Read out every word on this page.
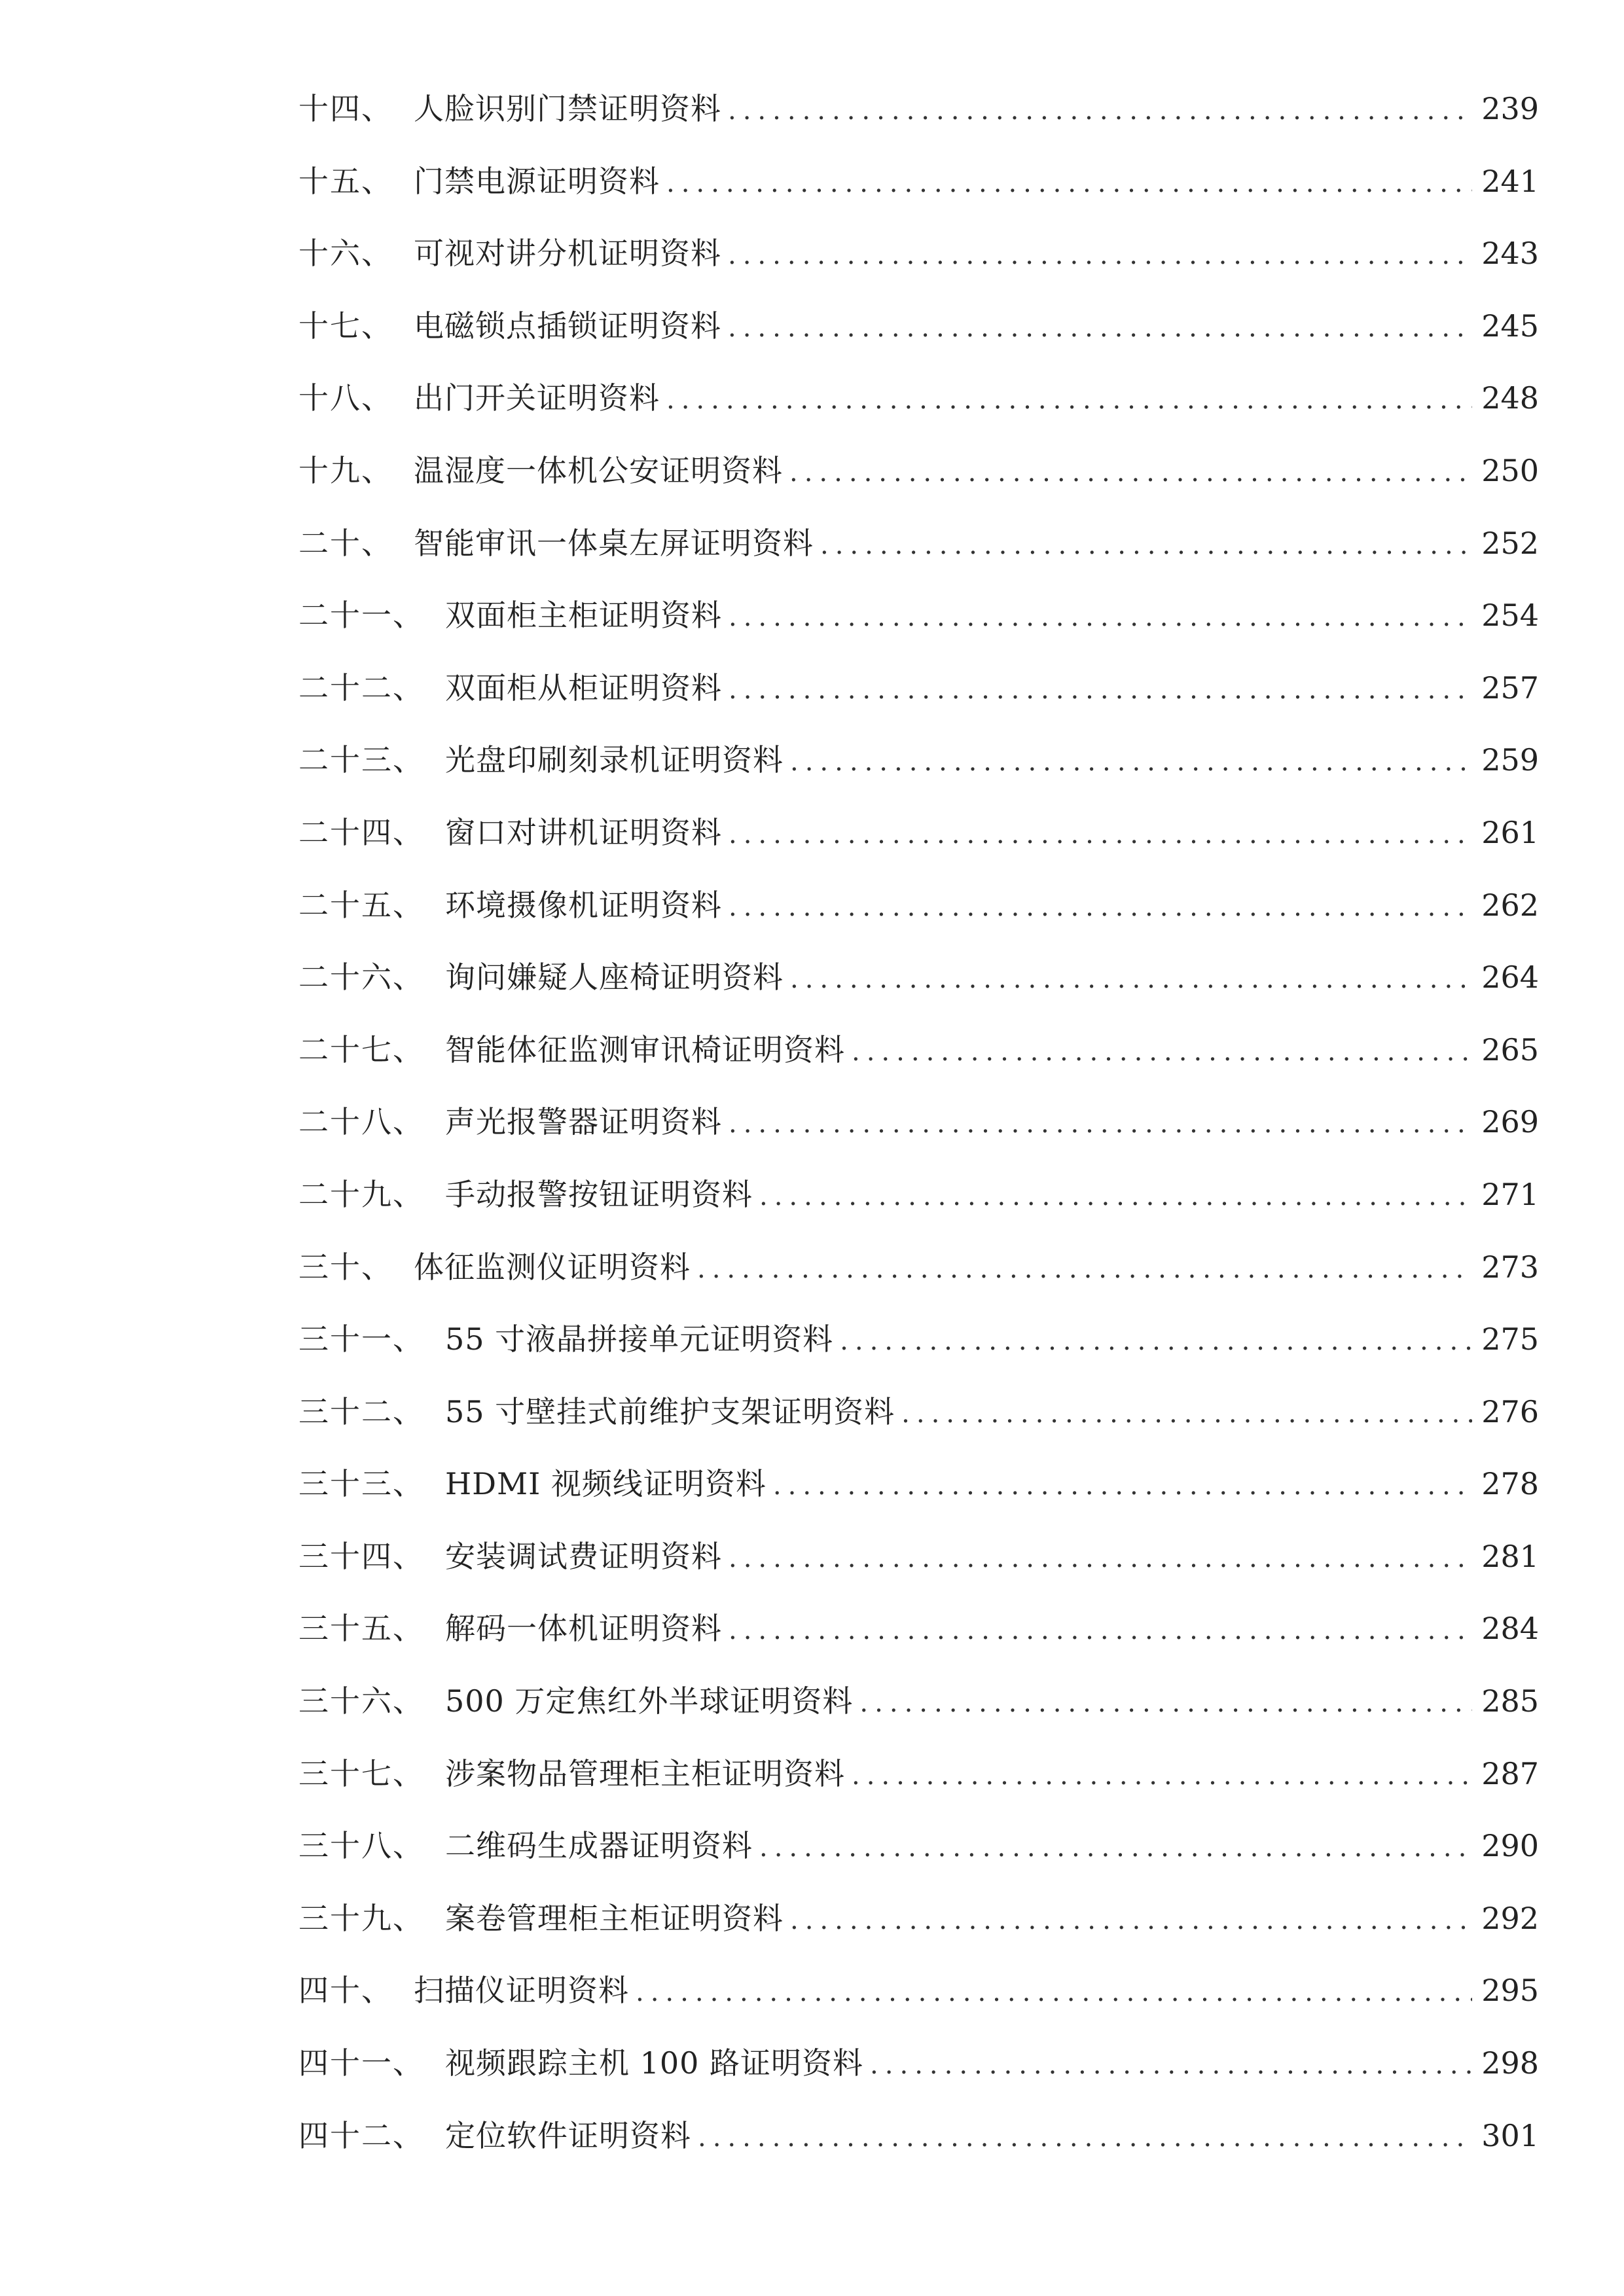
十四、 人脸识别门禁证明资料 .....	239
十五、 门禁电源证明资料 .....	241
十六、 可视对讲分机证明资料 .....	243
十七、 电磁锁点插锁证明资料 .....	245
十八、 出门开关证明资料 .....	248
十九、 温湿度一体机公安证明资料 .....	250
二十、 智能审讯一体桌左屏证明资料 .....	252
二十一、 双面柜主柜证明资料 .....	254
二十二、 双面柜从柜证明资料 .....	257
二十三、 光盘印刷刻录机证明资料 .....	259
二十四、 窗口对讲机证明资料 .....	261
二十五、 环境摄像机证明资料 .....	262
二十六、 询问嫌疑人座椅证明资料 .....	264
二十七、 智能体征监测审讯椅证明资料 .....	265
二十八、 声光报警器证明资料 .....	269
二十九、 手动报警按钮证明资料 .....	271
三十、 体征监测仪证明资料 .....	273
三十一、 55 寸液晶拼接单元证明资料 .....	275
三十二、 55 寸壁挂式前维护支架证明资料 .....	276
三十三、 HDMI 视频线证明资料 .....	278
三十四、 安装调试费证明资料 .....	281
三十五、 解码一体机证明资料 .....	284
三十六、 500 万定焦红外半球证明资料 .....	285
三十七、 涉案物品管理柜主柜证明资料 .....	287
三十八、 二维码生成器证明资料 .....	290
三十九、 案卷管理柜主柜证明资料 .....	292
四十、 扫描仪证明资料 .....	295
四十一、 视频跟踪主机 100 路证明资料 .....	298
四十二、 定位软件证明资料 .....	301
